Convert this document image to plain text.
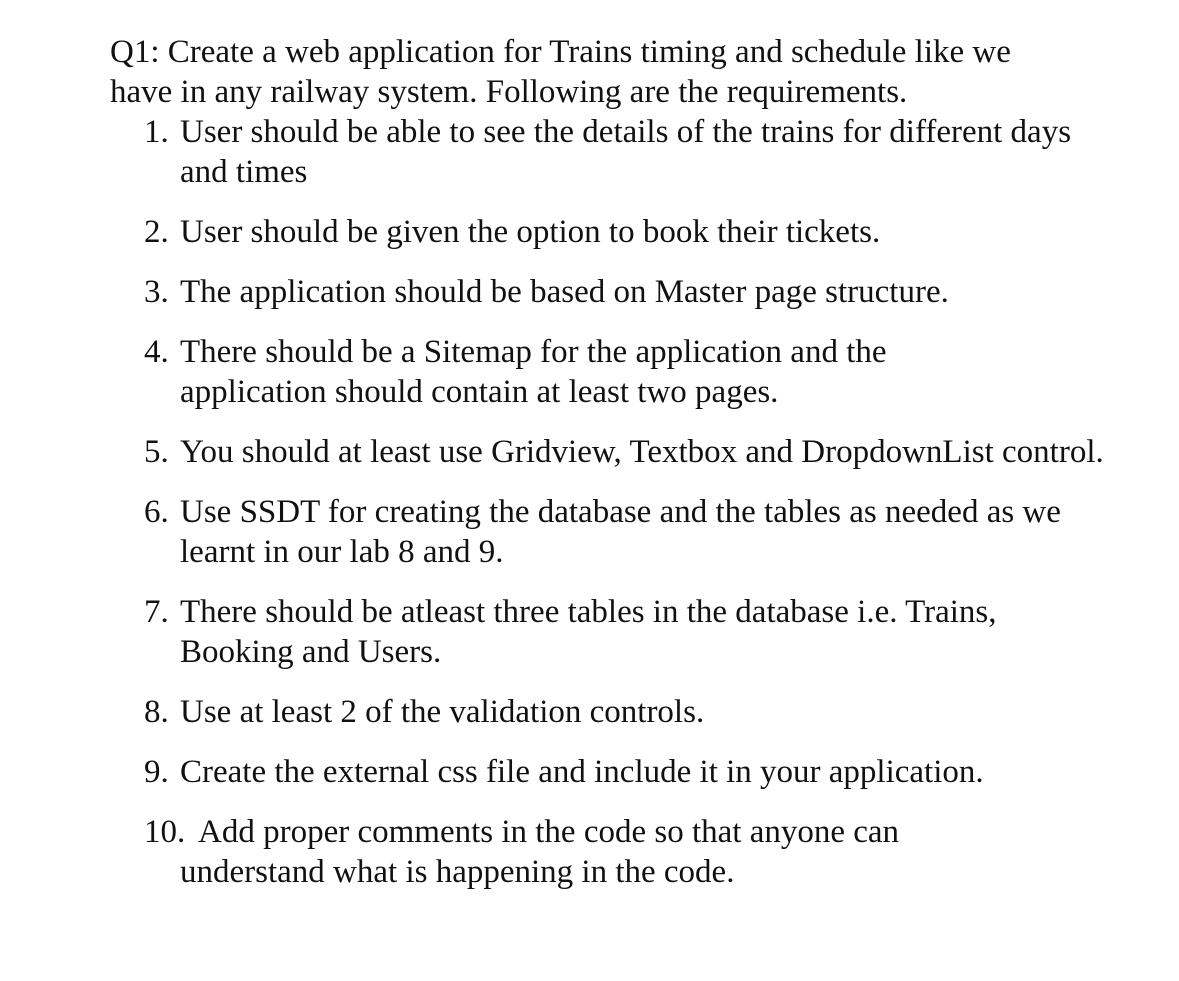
Q1: Create a web application for Trains timing and schedule like we have in any railway system. Following are the requirements.

1. User should be able to see the details of the trains for different days and times
2. User should be given the option to book their tickets.
3. The application should be based on Master page structure.
4. There should be a Sitemap for the application and the application should contain at least two pages.
5. You should at least use Gridview, Textbox and DropdownList control.
6. Use SSDT for creating the database and the tables as needed as we learnt in our lab 8 and 9.
7. There should be atleast three tables in the database i.e. Trains, Booking and Users.
8. Use at least 2 of the validation controls.
9. Create the external css file and include it in your application.
10. Add proper comments in the code so that anyone can understand what is happening in the code.
